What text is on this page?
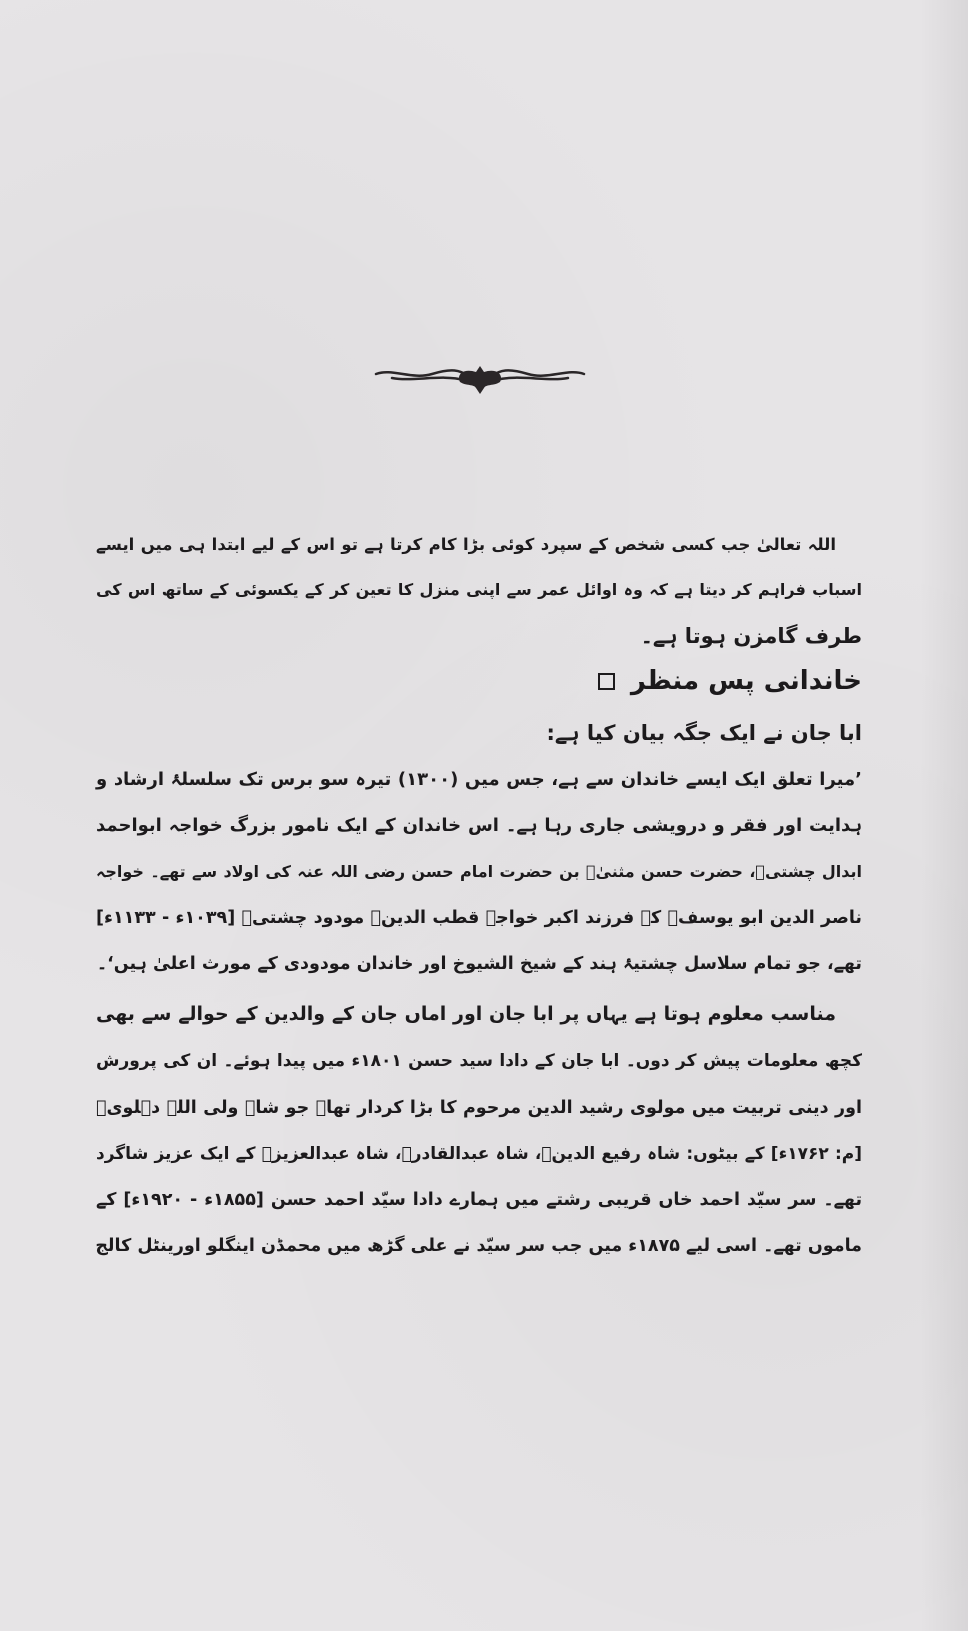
اللہ تعالیٰ جب کسی شخص کے سپرد کوئی بڑا کام کرتا ہے تو اس کے لیے ابتدا ہی میں ایسے
اسباب فراہم کر دیتا ہے کہ وہ اوائل عمر سے اپنی منزل کا تعین کر کے یکسوئی کے ساتھ اس کی
طرف گامزن ہوتا ہے۔
خاندانی پس منظر
ابا جان نے ایک جگہ بیان کیا ہے:
’میرا تعلق ایک ایسے خاندان سے ہے، جس میں (۱۳۰۰) تیرہ سو برس تک سلسلۂ ارشاد و
ہدایت اور فقر و درویشی جاری رہا ہے۔ اس خاندان کے ایک نامور بزرگ خواجہ ابواحمد
ابدال چشتیؒ، حضرت حسن مثنیٰؒ بن حضرت امام حسن رضی اللہ عنہ کی اولاد سے تھے۔ خواجہ
ناصر الدین ابو یوسفؒ کے فرزند اکبر خواجہ قطب الدینؒ مودود چشتیؒ [۱۰۳۹ء - ۱۱۳۳ء]
تھے، جو تمام سلاسل چشتیۂ ہند کے شیخ الشیوخ اور خاندان مودودی کے مورث اعلیٰ ہیں‘۔
مناسب معلوم ہوتا ہے یہاں پر ابا جان اور اماں جان کے والدین کے حوالے سے بھی
کچھ معلومات پیش کر دوں۔ ابا جان کے دادا سید حسن ۱۸۰۱ء میں پیدا ہوئے۔ ان کی پرورش
اور دینی تربیت میں مولوی رشید الدین مرحوم کا بڑا کردار تھا۔ جو شاہ ولی اللہ دہلویؒ
[م: ۱۷۶۲ء] کے بیٹوں: شاہ رفیع الدینؒ، شاہ عبدالقادرؒ، شاہ عبدالعزیزؒ کے ایک عزیز شاگرد
تھے۔ سر سیّد احمد خاں قریبی رشتے میں ہمارے دادا سیّد احمد حسن [۱۸۵۵ء - ۱۹۲۰ء] کے
ماموں تھے۔ اسی لیے ۱۸۷۵ء میں جب سر سیّد نے علی گڑھ میں محمڈن اینگلو اورینٹل کالج
